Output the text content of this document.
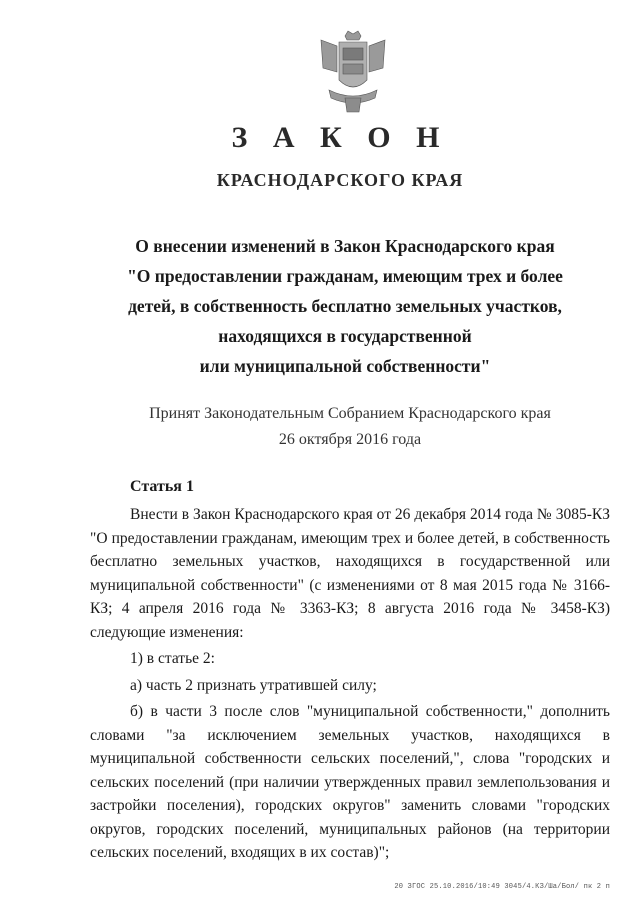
З А К О Н
КРАСНОДАРСКОГО КРАЯ
О внесении изменений в Закон Краснодарского края
"О предоставлении гражданам, имеющим трех и более
детей, в собственность бесплатно земельных участков,
находящихся в государственной
или муниципальной собственности"
Принят Законодательным Собранием Краснодарского края
26 октября 2016 года
Статья 1

Внести в Закон Краснодарского края от 26 декабря 2014 года № 3085-КЗ "О предоставлении гражданам, имеющим трех и более детей, в собственность бесплатно земельных участков, находящихся в государственной или муниципальной собственности" (с изменениями от 8 мая 2015 года № 3166-КЗ; 4 апреля 2016 года № 3363-КЗ; 8 августа 2016 года № 3458-КЗ) следующие изменения:

1) в статье 2:

а) часть 2 признать утратившей силу;

б) в части 3 после слов "муниципальной собственности," дополнить словами "за исключением земельных участков, находящихся в муниципальной собственности сельских поселений,", слова "городских и сельских поселений (при наличии утвержденных правил землепользования и застройки поселения), городских округов" заменить словами "городских округов, городских поселений, муниципальных районов (на территории сельских поселений, входящих в их состав)";

20 ЗГОС 25.10.2016/10:49 3045/4.КЗ/Ша/Бол/ пк 2 п
